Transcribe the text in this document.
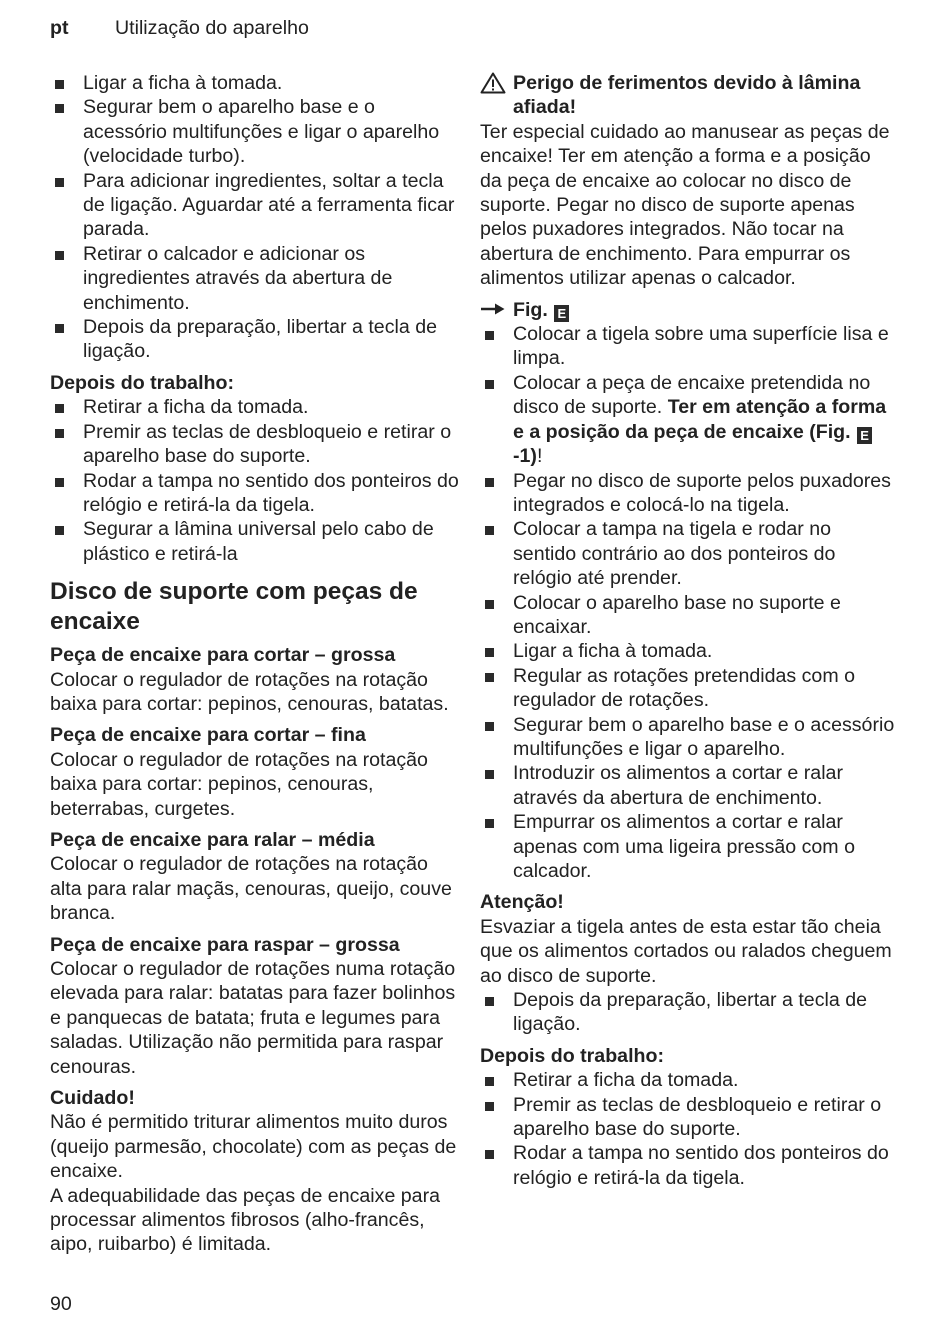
pt Utilização do aparelho
Ligar a ficha à tomada.
Segurar bem o aparelho base e o acessório multifunções e ligar o aparelho (velocidade turbo).
Para adicionar ingredientes, soltar a tecla de ligação. Aguardar até a ferramenta ficar parada.
Retirar o calcador e adicionar os ingredientes através da abertura de enchimento.
Depois da preparação, libertar a tecla de ligação.
Depois do trabalho:
Retirar a ficha da tomada.
Premir as teclas de desbloqueio e retirar o aparelho base do suporte.
Rodar a tampa no sentido dos ponteiros do relógio e retirá-la da tigela.
Segurar a lâmina universal pelo cabo de plástico e retirá-la
Disco de suporte com peças de encaixe
Peça de encaixe para cortar – grossa

Colocar o regulador de rotações na rotação baixa para cortar: pepinos, cenouras, batatas.

Peça de encaixe para cortar – fina

Colocar o regulador de rotações na rotação baixa para cortar: pepinos, cenouras, beterrabas, curgetes.

Peça de encaixe para ralar – média

Colocar o regulador de rotações na rotação alta para ralar maçãs, cenouras, queijo, couve branca.

Peça de encaixe para raspar – grossa

Colocar o regulador de rotações numa rotação elevada para ralar: batatas para fazer bolinhos e panquecas de batata; fruta e legumes para saladas. Utilização não permitida para raspar cenouras.

Cuidado!

Não é permitido triturar alimentos muito duros (queijo parmesão, chocolate) com as peças de encaixe.

A adequabilidade das peças de encaixe para processar alimentos fibrosos (alho-francês, aipo, ruibarbo) é limitada.

Perigo de ferimentos devido à lâmina afiada!

Ter especial cuidado ao manusear as peças de encaixe! Ter em atenção a forma e a posição da peça de encaixe ao colocar no disco de suporte. Pegar no disco de suporte apenas pelos puxadores integrados. Não tocar na abertura de enchimento. Para empurrar os alimentos utilizar apenas o calcador.

Fig. E
Colocar a tigela sobre uma superfície lisa e limpa.
Colocar a peça de encaixe pretendida no disco de suporte. Ter em atenção a forma e a posição da peça de encaixe (Fig. E-1)!
Pegar no disco de suporte pelos puxadores integrados e colocá-lo na tigela.
Colocar a tampa na tigela e rodar no sentido contrário ao dos ponteiros do relógio até prender.
Colocar o aparelho base no suporte e encaixar.
Ligar a ficha à tomada.
Regular as rotações pretendidas com o regulador de rotações.
Segurar bem o aparelho base e o acessório multifunções e ligar o aparelho.
Introduzir os alimentos a cortar e ralar através da abertura de enchimento.
Empurrar os alimentos a cortar e ralar apenas com uma ligeira pressão com o calcador.
Atenção!

Esvaziar a tigela antes de esta estar tão cheia que os alimentos cortados ou ralados cheguem ao disco de suporte.

Depois da preparação, libertar a tecla de ligação.
Depois do trabalho:
Retirar a ficha da tomada.
Premir as teclas de desbloqueio e retirar o aparelho base do suporte.
Rodar a tampa no sentido dos ponteiros do relógio e retirá-la da tigela.
90
